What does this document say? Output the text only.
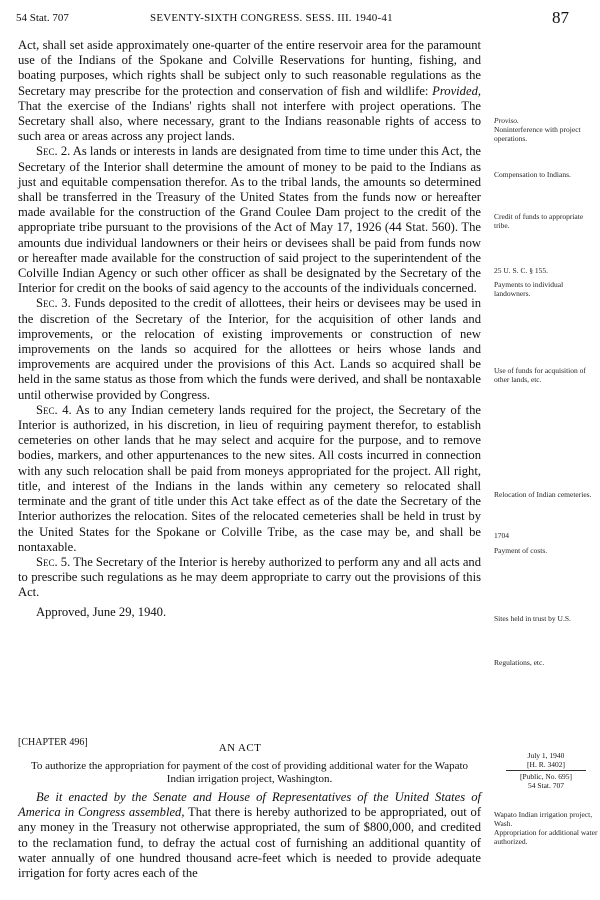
54 Stat. 707	SEVENTY-SIXTH CONGRESS. SESS. III. 1940-41	87

Act, shall set aside approximately one-quarter of the entire reservoir area for the paramount use of the Indians of the Spokane and Colville Reservations for hunting, fishing, and boating purposes, which rights shall be subject only to such reasonable regulations as the Secretary may prescribe for the protection and conservation of fish and wildlife: Provided, That the exercise of the Indians' rights shall not interfere with project operations. The Secretary shall also, where necessary, grant to the Indians reasonable rights of access to such area or areas across any project lands.

Sec. 2. As lands or interests in lands are designated from time to time under this Act, the Secretary of the Interior shall determine the amount of money to be paid to the Indians as just and equitable compensation therefor. As to the tribal lands, the amounts so determined shall be transferred in the Treasury of the United States from the funds now or hereafter made available for the construction of the Grand Coulee Dam project to the credit of the appropriate tribe pursuant to the provisions of the Act of May 17, 1926 (44 Stat. 560). The amounts due individual landowners or their heirs or devisees shall be paid from funds now or hereafter made available for the construction of said project to the superintendent of the Colville Indian Agency or such other officer as shall be designated by the Secretary of the Interior for credit on the books of said agency to the accounts of the individuals concerned.

Sec. 3. Funds deposited to the credit of allottees, their heirs or devisees may be used in the discretion of the Secretary of the Interior, for the acquisition of other lands and improvements, or the relocation of existing improvements or construction of new improvements on the lands so acquired for the allottees or heirs whose lands and improvements are acquired under the provisions of this Act. Lands so acquired shall be held in the same status as those from which the funds were derived, and shall be nontaxable until otherwise provided by Congress.

Sec. 4. As to any Indian cemetery lands required for the project, the Secretary of the Interior is authorized, in his discretion, in lieu of requiring payment therefor, to establish cemeteries on other lands that he may select and acquire for the purpose, and to remove bodies, markers, and other appurtenances to the new sites. All costs incurred in connection with any such relocation shall be paid from moneys appropriated for the project. All right, title, and interest of the Indians in the lands within any cemetery so relocated shall terminate and the grant of title under this Act take effect as of the date the Secretary of the Interior authorizes the relocation. Sites of the relocated cemeteries shall be held in trust by the United States for the Spokane or Colville Tribe, as the case may be, and shall be nontaxable.

Sec. 5. The Secretary of the Interior is hereby authorized to perform any and all acts and to prescribe such regulations as he may deem appropriate to carry out the provisions of this Act.

Approved, June 29, 1940.

[CHAPTER 496]	AN ACT
To authorize the appropriation for payment of the cost of providing additional water for the Wapato Indian irrigation project, Washington.

Be it enacted by the Senate and House of Representatives of the United States of America in Congress assembled, That there is hereby authorized to be appropriated, out of any money in the Treasury not otherwise appropriated, the sum of $800,000, and credited to the reclamation fund, to defray the actual cost of furnishing an additional quantity of water annually of one hundred thousand acre-feet which is needed to provide adequate irrigation for forty acres each of the

Proviso.
Noninterference with project operations.
Compensation to Indians.
Credit of funds to appropriate tribe.
25 U. S. C. § 155.
Payments to individual landowners.
Use of funds for acquisition of other lands, etc.
Relocation of Indian cemeteries.
1704
Payment of costs.
Sites held in trust by U.S.
Regulations, etc.
July 1, 1940
[H. R. 3402]
[Public, No. 695]
54 Stat. 707
Wapato Indian irrigation project, Wash.
Appropriation for additional water authorized.
